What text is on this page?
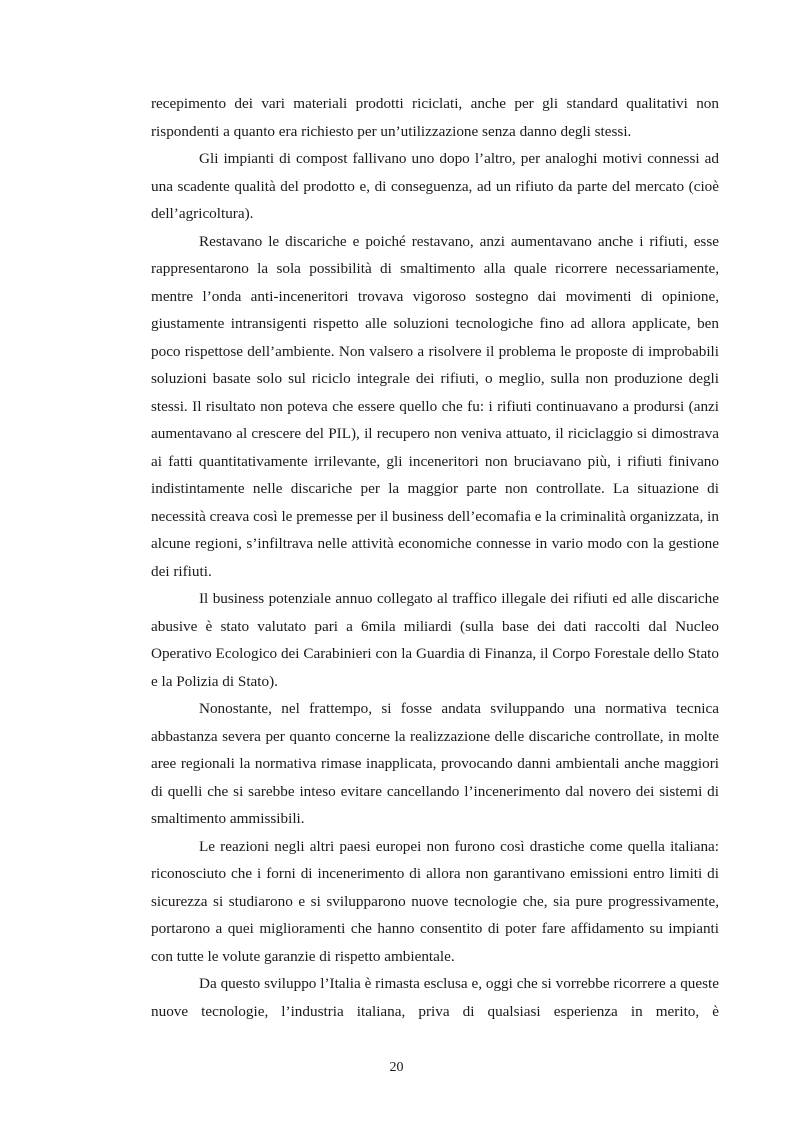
recepimento dei vari materiali prodotti riciclati, anche per gli standard qualitativi non rispondenti a quanto era richiesto per un’utilizzazione senza danno degli stessi.

Gli impianti di compost fallivano uno dopo l’altro, per analoghi motivi connessi ad una scadente qualità del prodotto e, di conseguenza, ad un rifiuto da parte del mercato (cioè dell’agricoltura).

Restavano le discariche e poiché restavano, anzi aumentavano anche i rifiuti, esse rappresentarono la sola possibilità di smaltimento alla quale ricorrere necessariamente, mentre l’onda anti-inceneritori trovava vigoroso sostegno dai movimenti di opinione, giustamente intransigenti rispetto alle soluzioni tecnologiche fino ad allora applicate, ben poco rispettose dell’ambiente. Non valsero a risolvere il problema le proposte di improbabili soluzioni basate solo sul riciclo integrale dei rifiuti, o meglio, sulla non produzione degli stessi. Il risultato non poteva che essere quello che fu: i rifiuti continuavano a prodursi (anzi aumentavano al crescere del PIL), il recupero non veniva attuato, il riciclaggio si dimostrava ai fatti quantitativamente irrilevante, gli inceneritori non bruciavano più, i rifiuti finivano indistintamente nelle discariche per la maggior parte non controllate. La situazione di necessità creava così le premesse per il business dell’ecomafia e la criminalità organizzata, in alcune regioni, s’infiltrava nelle attività economiche connesse in vario modo con la gestione dei rifiuti.

Il business potenziale annuo collegato al traffico illegale dei rifiuti ed alle discariche abusive è stato valutato pari a 6mila miliardi (sulla base dei dati raccolti dal Nucleo Operativo Ecologico dei Carabinieri con la Guardia di Finanza, il Corpo Forestale dello Stato e la Polizia di Stato).

Nonostante, nel frattempo, si fosse andata sviluppando una normativa tecnica abbastanza severa per quanto concerne la realizzazione delle discariche controllate, in molte aree regionali la normativa rimase inapplicata, provocando danni ambientali anche maggiori di quelli che si sarebbe inteso evitare cancellando l’incenerimento dal novero dei sistemi di smaltimento ammissibili.

Le reazioni negli altri paesi europei non furono così drastiche come quella italiana: riconosciuto che i forni di incenerimento di allora non garantivano emissioni entro limiti di sicurezza si studiarono e si svilupparono nuove tecnologie che, sia pure progressivamente, portarono a quei miglioramenti che hanno consentito di poter fare affidamento su impianti con tutte le volute garanzie di rispetto ambientale.

Da questo sviluppo l’Italia è rimasta esclusa e, oggi che si vorrebbe ricorrere a queste nuove tecnologie, l’industria italiana, priva di qualsiasi esperienza in merito, è

20
